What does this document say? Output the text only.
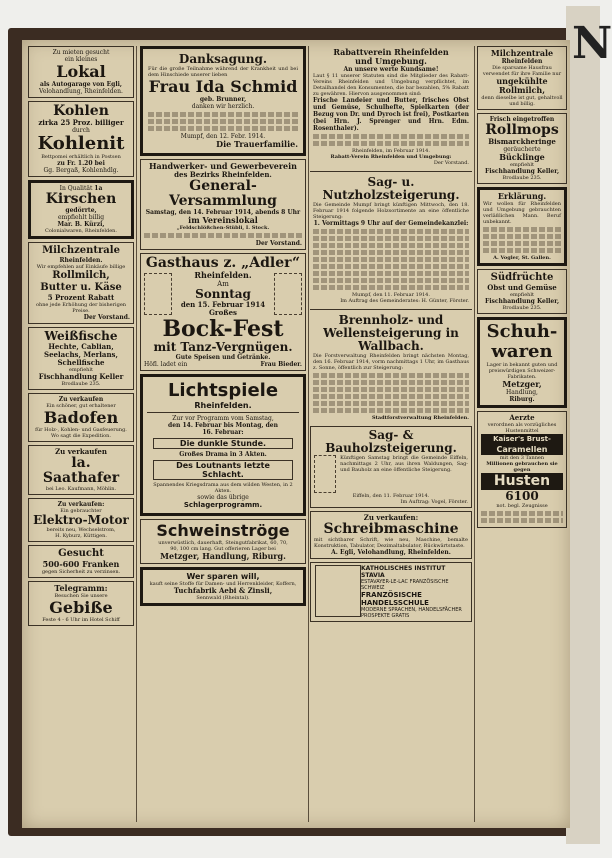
N
Zu mieten gesucht
ein kleines
Lokal
als Autogarage von Egli,
Velohandlung, Rheinfelden.
Kohlen
zirka 25 Proz. billiger
durch
Kohlenit
Bettpomei erhältlich in Postsen
zu Fr. 1.20 bei
Gg. Bergaß, Kohlenhdlg.
In Qualität 1a
Kirschen
gedörrte,
empfiehlt billig
Mar. B. Kürzi,
Colonialwaren, Rheinfelden.
Milchzentrale
Rheinfelden.
Wir empfehlen auf Einkäufe billige
Rollmilch,
Butter u. Käse
5 Prozent Rabatt
ohne jede Erhöhung der bisherigen Preise.
Der Vorstand.
Weißfische
Hechte, Cablian,
Seelachs, Merlans,
Schellfische
empfiehlt
Fischhandlung Keller
Brodlaube 235.
Zu verkaufen
Ein schöner, gut erhaltener
Badofen
für Holz-, Kohlen- und Gasfeuerung.
Wo sagt die Expedition.
Zu verkaufen
la. Saathafer
bei Leo. Kaufmann, Möhlin.
Zu verkaufen:
Ein gebrauchter
Elektro-Motor
bereits neu, Wechselstrom,
H. Kyburz, Küttigen.
Gesucht
500-600 Franken
gegen Sicherheit zu verzinsen.
Telegramm:
Besuchen Sie unsere
Gebiße
Feste 4 - 6 Uhr im Hotel Schiff
Danksagung.
Für die große Teilnahme während der Krankheit und bei dem Hinschiede unserer lieben
Frau Ida Schmid
geb. Brunner,
danken wir herzlich.
Mumpf, den 12. Febr. 1914.
Die Trauerfamilie.
Handwerker- und Gewerbeverein
des Bezirks Rheinfelden.
General-Versammlung
Samstag, den 14. Februar 1914, abends 8 Uhr
im Vereinslokal
„Feldschlößchen-Stübli, I. Stock.
Der Vorstand.
Gasthaus z. „Adler“
Rheinfelden.
Am
Sonntag
den 15. Februar 1914
Großes
Bock-Fest
mit Tanz-Vergnügen.
Gute Speisen und Getränke.
Höfl. ladet ein	Frau Bieder.
Lichtspiele
Rheinfelden.
Zur vor Programm vom Samstag,
den 14. Februar bis Montag, den
16. Februar:
Die dunkle Stunde.
Großes Drama in 3 Akten.
Des Loutnants letzte Schlacht.
Spannendes Kriegsdrama aus dem wilden Westen, in 2 Akten.
sowie das übrige
Schlagerprogramm.
Schweinströge
unverwüstlich, dauerhaft, Steingutfabrikat, 60, 70,
90, 100 cm lang. Gut offerieren Lager bei
Metzger, Handlung, Riburg.
Wer sparen will,
kauft seine Stoffe für Damen- und Herrenkleider, Koffern,
Tuchfabrik Aebi & Zinsli,
Sennwald (Rheintal).
Rabattverein Rheinfelden
und Umgebung.
An unsere werte Kundsame!
Laut § 11 unserer Statuten sind die Mitglieder des Rabatt-Vereins Rheinfelden und Umgebung verpflichtet, im Detailhandel den Konsumenten, die bar bezahlen, 5% Rabatt zu gewähren. Hiervon ausgenommen sind:
Frische Landeier und Butter, frisches Obst und Gemüse, Schulhefte, Spielkarten (der Bezug von Dr. und Dyroch ist frei), Postkarten (bei Hrn. J. Sprenger und Hrn. Edm. Rosenthaler).
Rheinfelden, im Februar 1914.
Rabatt-Verein Rheinfelden und Umgebung:
Der Vorstand.
Sag- u. Nutzholzsteigerung.
Die Gemeinde Mumpf bringt künftigen Mittwoch, den 18. Februar 1914 folgende Holzsortimente an eine öffentliche Steigerung:
1. Vormittags 9 Uhr auf der Gemeindekanzlei:
Mumpf, den 11. Februar 1914.
Im Auftrag des Gemeinderates: H. Günter, Förster.
Brennholz- und
Wellensteigerung in Wallbach.
Die Forstverwaltung Rheinfelden bringt nächsten Montag, den 16. Februar 1914, vorm nachmittags 1 Uhr, im Gasthaus z. Sonne, öffentlich zur Steigerung:
Stadtforstverwaltung Rheinfelden.
Sag- & Bauholzsteigerung.
Künftigen Samstag bringt die Gemeinde Eiffeln, nachmittags 2 Uhr, aus ihren Waldungen, Sag- und Bauholz an eine öffentliche Steigerung.
Eiffeln, den 11. Februar 1914.
Im Auftrag: Vogel, Förster.
Zu verkaufen:
Schreibmaschine
mit sichtbarer Schrift, wie neu, Maschine, bemalte Konstruktion, Tabulator, Dezimaltabulator, Rückwärtstaste.
A. Egli, Velohandlung, Rheinfelden.
KATHOLISCHES INSTITUT STAVIA
ESTAVAYER-LE-LAC FRANZÖSISCHE SCHWEIZ
FRANZÖSISCHE HANDELSSCHULE
MODERNE SPRACHEN, HANDELSFÄCHER
PROSPEKTE GRATIS
Milchzentrale
Rheinfelden
Die sparsame Hausfrau verwendet für ihre Familie nur
ungekühlte Rollmilch,
denn dieselbe ist gut, gehaltvoll und billig.
Frisch eingetroffen
Rollmops
Bismarckheringe
geräucherte
Bücklinge
empfiehlt
Fischhandlung Keller,
Brodlaube 235.
Erklärung.
Wir wollen für Rheinfelden und Umgebung gebrauchten verläßlichen Mann. Beruf unbekannt.
A. Vogler, St. Gallen.
Südfrüchte
Obst und Gemüse
empfiehlt
Fischhandlung Keller,
Brodlaube 235.
Schuh-
waren
Lager in bekannt guten und preiswürdigen Schweizer-Fabrikaten.
Metzger,
Handlung,
Riburg.
Aerzte
verordnen als vorzügliches Hustenmittel
Kaiser's Brust-
Caramellen
mit den 3 Tannen
Millionen gebrauchen sie gegen
Husten
6100
not. begl. Zeugnisse
